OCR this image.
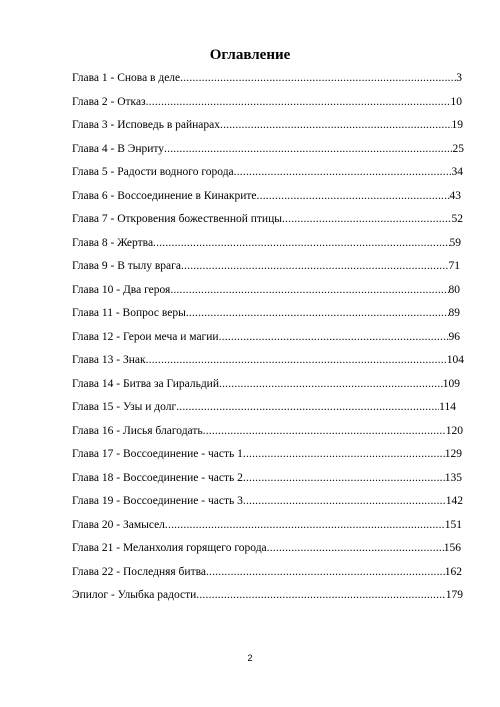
Оглавление
Глава 1 - Снова в деле .....	3
Глава 2 - Отказ .....	10
Глава 3 - Исповедь в райнарах .....	19
Глава 4 - В Энриту .....	25
Глава 5 - Радости водного города .....	34
Глава 6 - Воссоединение в Кинакрите .....	43
Глава 7 - Откровения божественной птицы .....	52
Глава 8 - Жертва .....	59
Глава 9 - В тылу врага .....	71
Глава 10 - Два героя .....	80
Глава 11 - Вопрос веры .....	89
Глава 12 - Герои меча и магии .....	96
Глава 13 - Знак .....	104
Глава 14 - Битва за Гиральдий .....	109
Глава 15 - Узы и долг .....	114
Глава 16 - Лисья благодать .....	120
Глава 17 - Воссоединение - часть 1 .....	129
Глава 18 - Воссоединение - часть 2 .....	135
Глава 19 - Воссоединение - часть 3 .....	142
Глава 20 - Замысел .....	151
Глава 21 - Меланхолия горящего города .....	156
Глава 22 - Последняя битва .....	162
Эпилог - Улыбка радости .....	179
2
